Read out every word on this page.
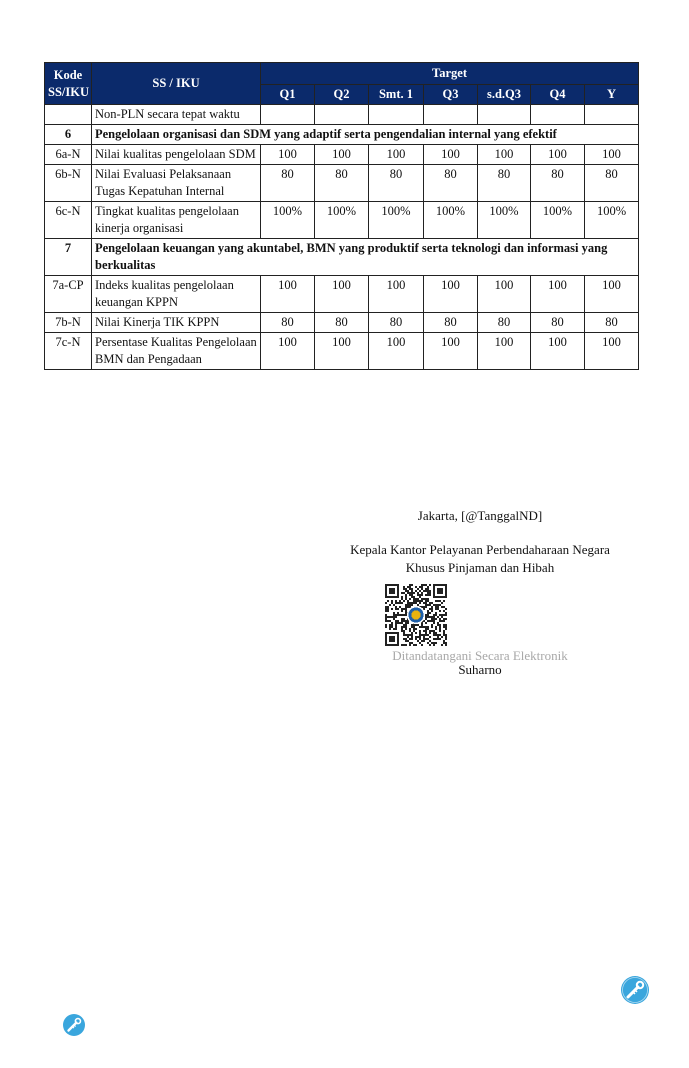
Kode SS/IKU	SS / IKU	Target						
		Q1	Q2	Smt. 1	Q3	s.d.Q3	Q4	Y
	Non-PLN secara tepat waktu							
6	Pengelolaan organisasi dan SDM yang adaptif serta pengendalian internal yang efektif							
6a-N	Nilai kualitas pengelolaan SDM	100	100	100	100	100	100	100
6b-N	Nilai Evaluasi Pelaksanaan Tugas Kepatuhan Internal	80	80	80	80	80	80	80
6c-N	Tingkat kualitas pengelolaan kinerja organisasi	100%	100%	100%	100%	100%	100%	100%
7	Pengelolaan keuangan yang akuntabel, BMN yang produktif serta teknologi dan informasi yang berkualitas							
7a-CP	Indeks kualitas pengelolaan keuangan KPPN	100	100	100	100	100	100	100
7b-N	Nilai Kinerja TIK KPPN	80	80	80	80	80	80	80
7c-N	Persentase Kualitas Pengelolaan BMN dan Pengadaan	100	100	100	100	100	100	100
Jakarta, [@TanggalND]
Kepala Kantor Pelayanan Perbendaharaan Negara
Khusus Pinjaman dan Hibah
Ditandatangani Secara Elektronik
Suharno
